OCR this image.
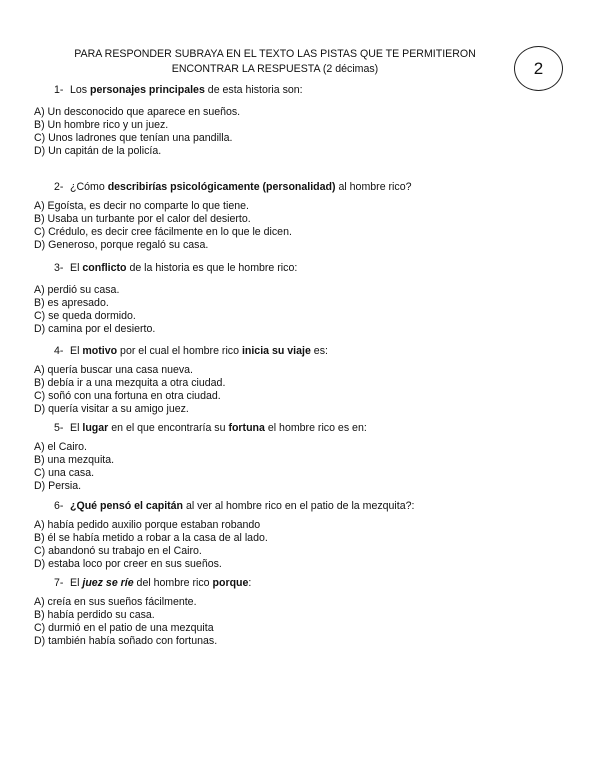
PARA RESPONDER SUBRAYA EN EL TEXTO LAS PISTAS QUE TE PERMITIERON ENCONTRAR LA RESPUESTA (2 décimas)	2
1- Los personajes principales de esta historia son:
A) Un desconocido que aparece en sueños.
B) Un hombre rico y un juez.
C) Unos ladrones que tenían una pandilla.
D) Un capitán de la policía.
2- ¿Cómo describirías psicológicamente (personalidad) al hombre rico?
A) Egoísta, es decir no comparte lo que tiene.
B) Usaba un turbante por el calor del desierto.
C) Crédulo, es decir cree fácilmente en lo que le dicen.
D) Generoso, porque regaló su casa.
3- El conflicto de la historia es que le hombre rico:
A) perdió su casa.
B) es apresado.
C) se queda dormido.
D) camina por el desierto.
4- El motivo por el cual el hombre rico inicia su viaje es:
A) quería buscar una casa nueva.
B) debía ir a una mezquita a otra ciudad.
C) soñó con una fortuna en otra ciudad.
D) quería visitar a su amigo juez.
5- El lugar en el que encontraría su fortuna el hombre rico es en:
A) el Cairo.
B) una mezquita.
C) una casa.
D) Persia.
6- ¿Qué pensó el capitán al ver al hombre rico en el patio de la mezquita?:
A) había pedido auxilio porque estaban robando
B) él se había metido a robar a la casa de al lado.
C) abandonó su trabajo en el Cairo.
D) estaba loco por creer en sus sueños.
7- El juez se ríe del hombre rico porque:
A) creía en sus sueños fácilmente.
B) había perdido su casa.
C) durmió en el patio de una mezquita
D) también había soñado con fortunas.
